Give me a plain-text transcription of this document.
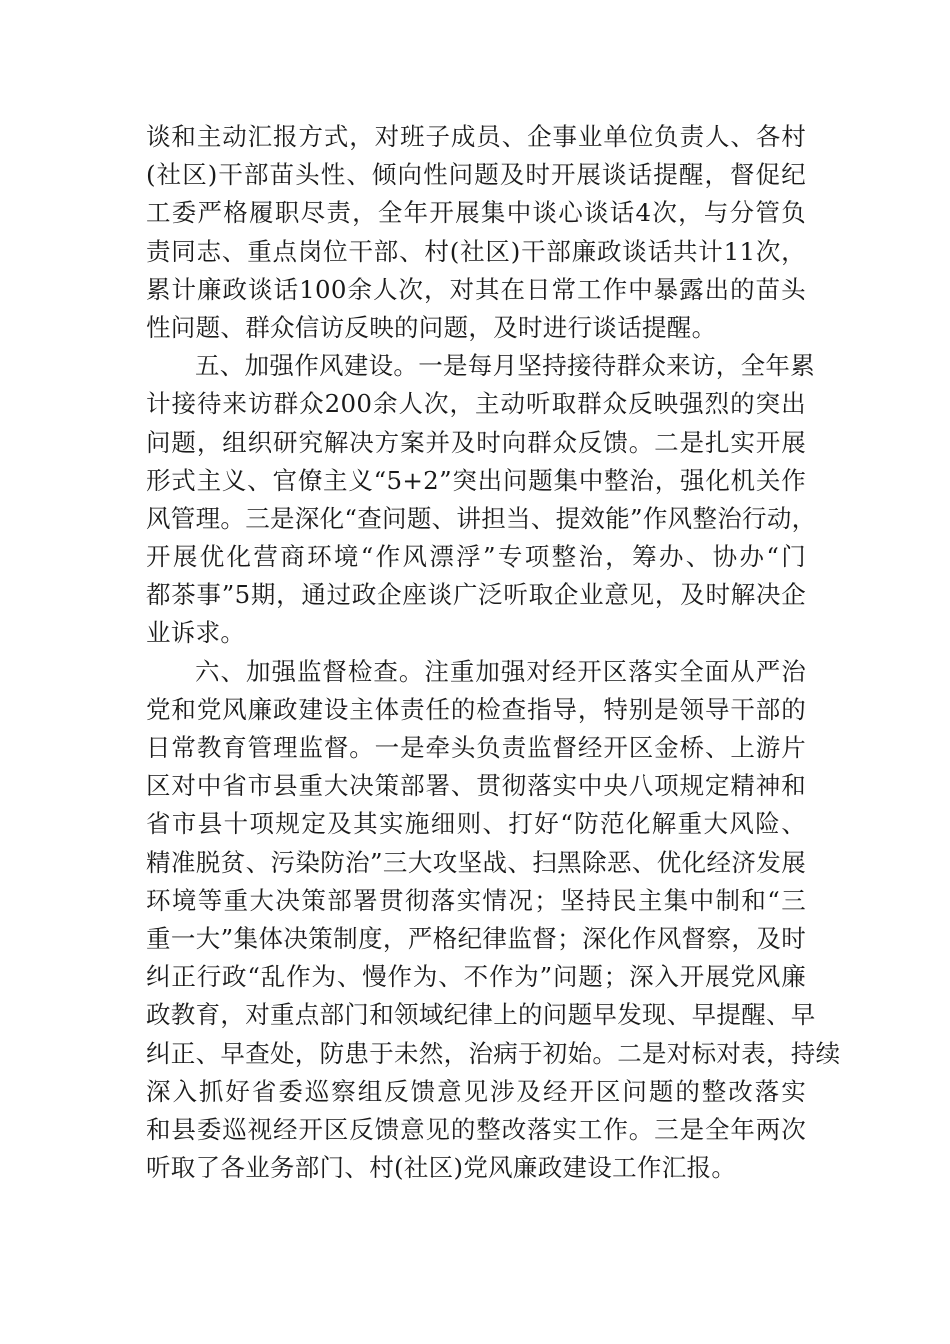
谈和主动汇报方式，对班子成员、企事业单位负责人、各村
(社区)干部苗头性、倾向性问题及时开展谈话提醒，督促纪
工委严格履职尽责，全年开展集中谈心谈话4次，与分管负
责同志、重点岗位干部、村(社区)干部廉政谈话共计11次，
累计廉政谈话100余人次，对其在日常工作中暴露出的苗头
性问题、群众信访反映的问题，及时进行谈话提醒。
五、加强作风建设。一是每月坚持接待群众来访，全年累
计接待来访群众200余人次，主动听取群众反映强烈的突出
问题，组织研究解决方案并及时向群众反馈。二是扎实开展
形式主义、官僚主义“5+2”突出问题集中整治，强化机关作
风管理。三是深化“查问题、讲担当、提效能”作风整治行动，
开展优化营商环境“作风漂浮”专项整治，筹办、协办“门
都茶事”5期，通过政企座谈广泛听取企业意见，及时解决企
业诉求。
六、加强监督检查。注重加强对经开区落实全面从严治
党和党风廉政建设主体责任的检查指导，特别是领导干部的
日常教育管理监督。一是牵头负责监督经开区金桥、上游片
区对中省市县重大决策部署、贯彻落实中央八项规定精神和
省市县十项规定及其实施细则、打好“防范化解重大风险、
精准脱贫、污染防治”三大攻坚战、扫黑除恶、优化经济发展
环境等重大决策部署贯彻落实情况；坚持民主集中制和“三
重一大”集体决策制度，严格纪律监督；深化作风督察，及时
纠正行政“乱作为、慢作为、不作为”问题；深入开展党风廉
政教育，对重点部门和领域纪律上的问题早发现、早提醒、早
纠正、早查处，防患于未然，治病于初始。二是对标对表，持续
深入抓好省委巡察组反馈意见涉及经开区问题的整改落实
和县委巡视经开区反馈意见的整改落实工作。三是全年两次
听取了各业务部门、村(社区)党风廉政建设工作汇报。
